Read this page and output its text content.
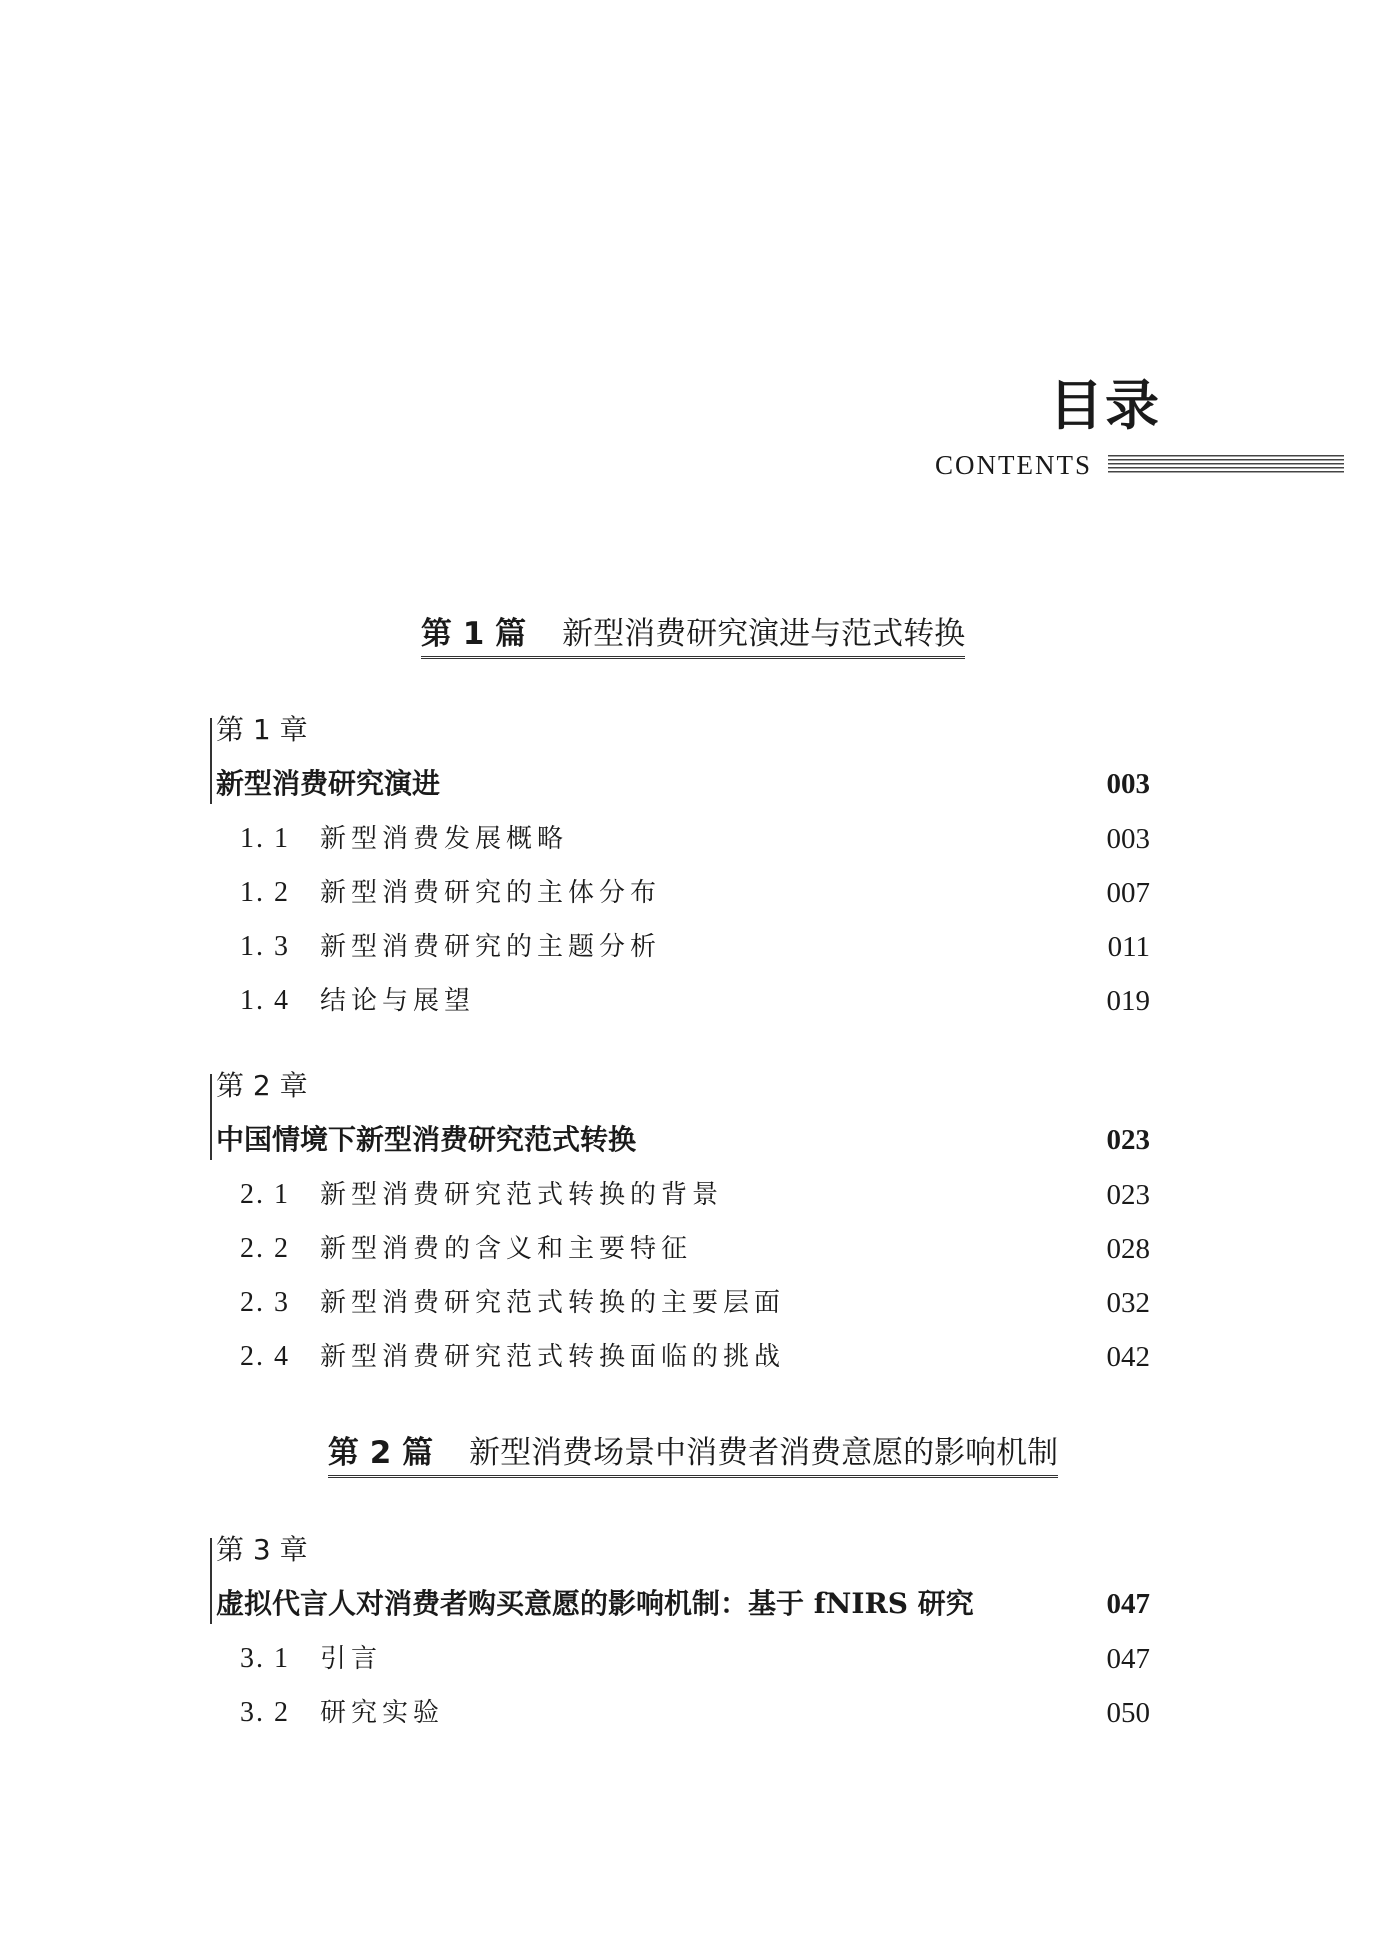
目录
CONTENTS
第 1 篇 新型消费研究演进与范式转换
第 1 章
新型消费研究演进	003
1. 1 新型消费发展概略	003
1. 2 新型消费研究的主体分布	007
1. 3 新型消费研究的主题分析	011
1. 4 结论与展望	019
第 2 章
中国情境下新型消费研究范式转换	023
2. 1 新型消费研究范式转换的背景	023
2. 2 新型消费的含义和主要特征	028
2. 3 新型消费研究范式转换的主要层面	032
2. 4 新型消费研究范式转换面临的挑战	042
第 2 篇 新型消费场景中消费者消费意愿的影响机制
第 3 章
虚拟代言人对消费者购买意愿的影响机制：基于 fNIRS 研究	047
3. 1 引言	047
3. 2 研究实验	050
